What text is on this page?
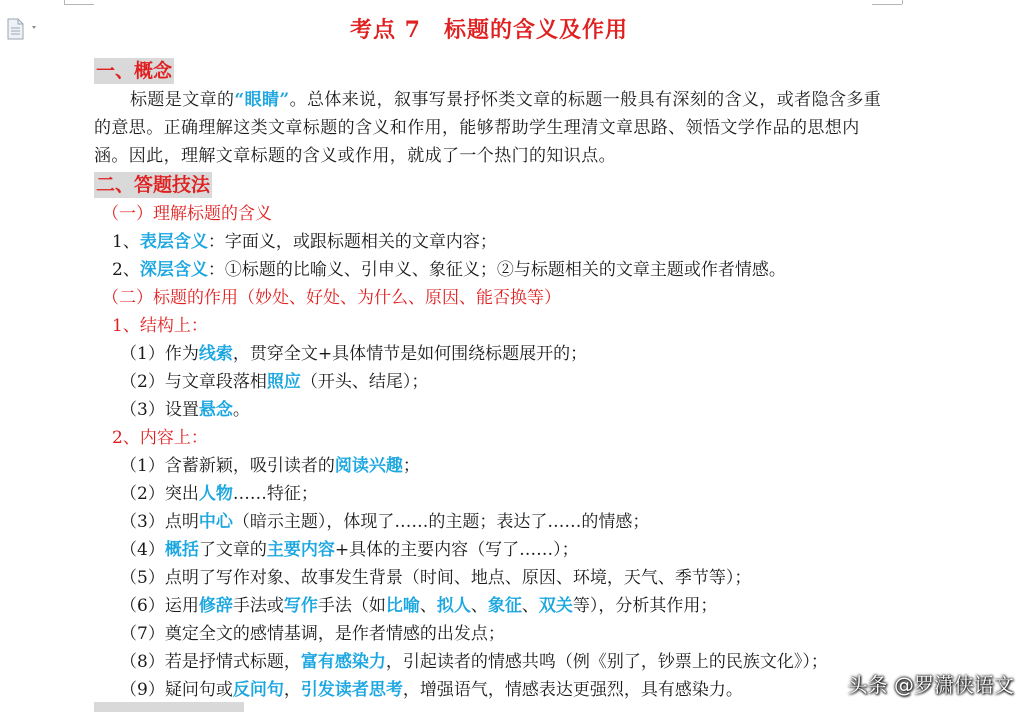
考点 7　标题的含义及作用
一、概念

标题是文章的“眼睛”。总体来说，叙事写景抒怀类文章的标题一般具有深刻的含义，或者隐含多重的意思。正确理解这类文章标题的含义和作用，能够帮助学生理清文章思路、领悟文学作品的思想内涵。因此，理解文章标题的含义或作用，就成了一个热门的知识点。

二、答题技法

（一）理解标题的含义

1、表层含义：字面义，或跟标题相关的文章内容；

2、深层含义：①标题的比喻义、引申义、象征义；②与标题相关的文章主题或作者情感。

（二）标题的作用（妙处、好处、为什么、原因、能否换等）

1、结构上：

（1）作为线索，贯穿全文+具体情节是如何围绕标题展开的；

（2）与文章段落相照应（开头、结尾）；

（3）设置悬念。

2、内容上：

（1）含蓄新颖，吸引读者的阅读兴趣；

（2）突出人物……特征；

（3）点明中心（暗示主题），体现了……的主题；表达了……的情感；

（4）概括了文章的主要内容+具体的主要内容（写了……）；

（5）点明了写作对象、故事发生背景（时间、地点、原因、环境，天气、季节等）；

（6）运用修辞手法或写作手法（如比喻、拟人、象征、双关等），分析其作用；

（7）奠定全文的感情基调，是作者情感的出发点；

（8）若是抒情式标题，富有感染力，引起读者的情感共鸣（例《别了，钞票上的民族文化》）；

（9）疑问句或反问句，引发读者思考，增强语气，情感表达更强烈，具有感染力。	头条 @罗潇侠语文
